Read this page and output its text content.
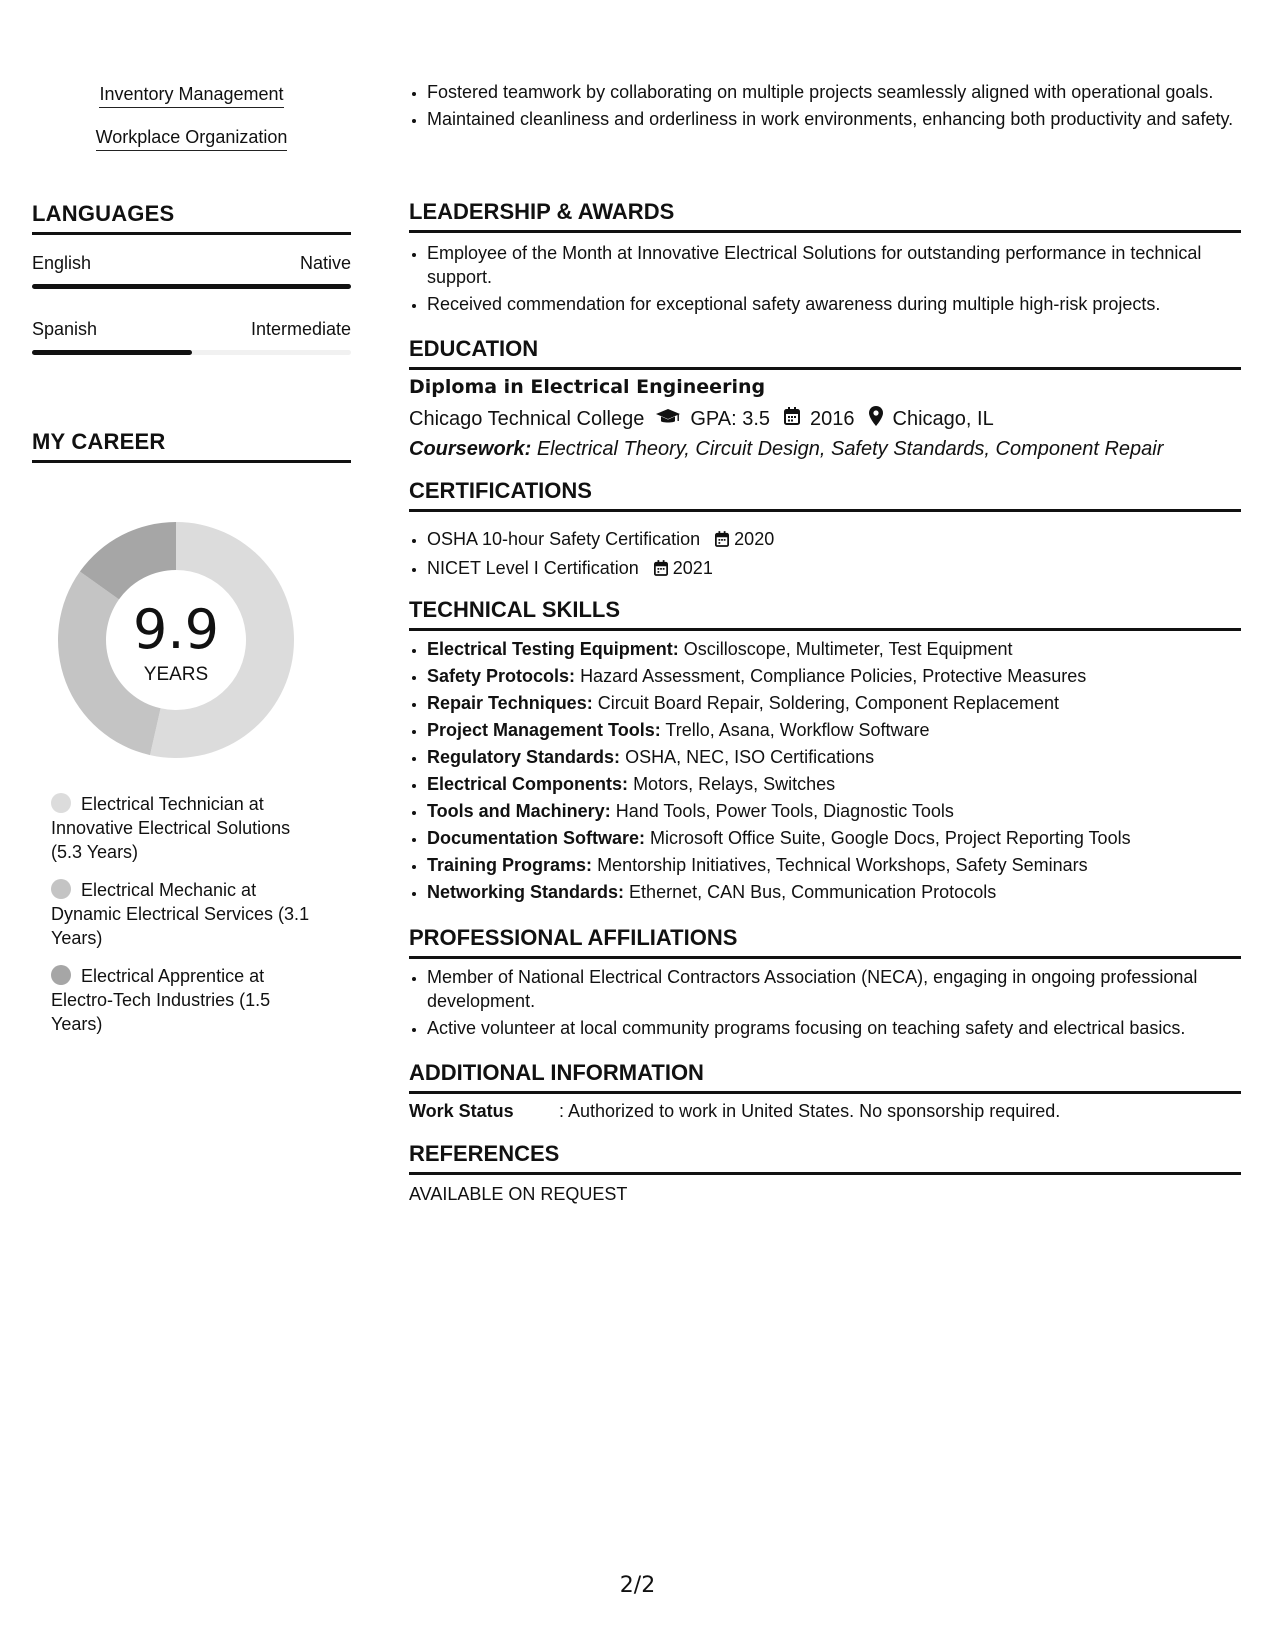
Inventory Management
Workplace Organization
LANGUAGES
English	Native
Spanish	Intermediate
MY CAREER
9.9
YEARS
Electrical Technician at Innovative Electrical Solutions (5.3 Years)
Electrical Mechanic at Dynamic Electrical Services (3.1 Years)
Electrical Apprentice at Electro-Tech Industries (1.5 Years)
• Fostered teamwork by collaborating on multiple projects seamlessly aligned with operational goals.
• Maintained cleanliness and orderliness in work environments, enhancing both productivity and safety.
LEADERSHIP & AWARDS
• Employee of the Month at Innovative Electrical Solutions for outstanding performance in technical support.
• Received commendation for exceptional safety awareness during multiple high-risk projects.
EDUCATION
Diploma in Electrical Engineering
Chicago Technical College GPA: 3.5 2016 Chicago, IL
Coursework: Electrical Theory, Circuit Design, Safety Standards, Component Repair
CERTIFICATIONS
• OSHA 10-hour Safety Certification 2020
• NICET Level I Certification 2021
TECHNICAL SKILLS
• Electrical Testing Equipment: Oscilloscope, Multimeter, Test Equipment
• Safety Protocols: Hazard Assessment, Compliance Policies, Protective Measures
• Repair Techniques: Circuit Board Repair, Soldering, Component Replacement
• Project Management Tools: Trello, Asana, Workflow Software
• Regulatory Standards: OSHA, NEC, ISO Certifications
• Electrical Components: Motors, Relays, Switches
• Tools and Machinery: Hand Tools, Power Tools, Diagnostic Tools
• Documentation Software: Microsoft Office Suite, Google Docs, Project Reporting Tools
• Training Programs: Mentorship Initiatives, Technical Workshops, Safety Seminars
• Networking Standards: Ethernet, CAN Bus, Communication Protocols
PROFESSIONAL AFFILIATIONS
• Member of National Electrical Contractors Association (NECA), engaging in ongoing professional development.
• Active volunteer at local community programs focusing on teaching safety and electrical basics.
ADDITIONAL INFORMATION
Work Status	: Authorized to work in United States. No sponsorship required.
REFERENCES
AVAILABLE ON REQUEST
2/2
